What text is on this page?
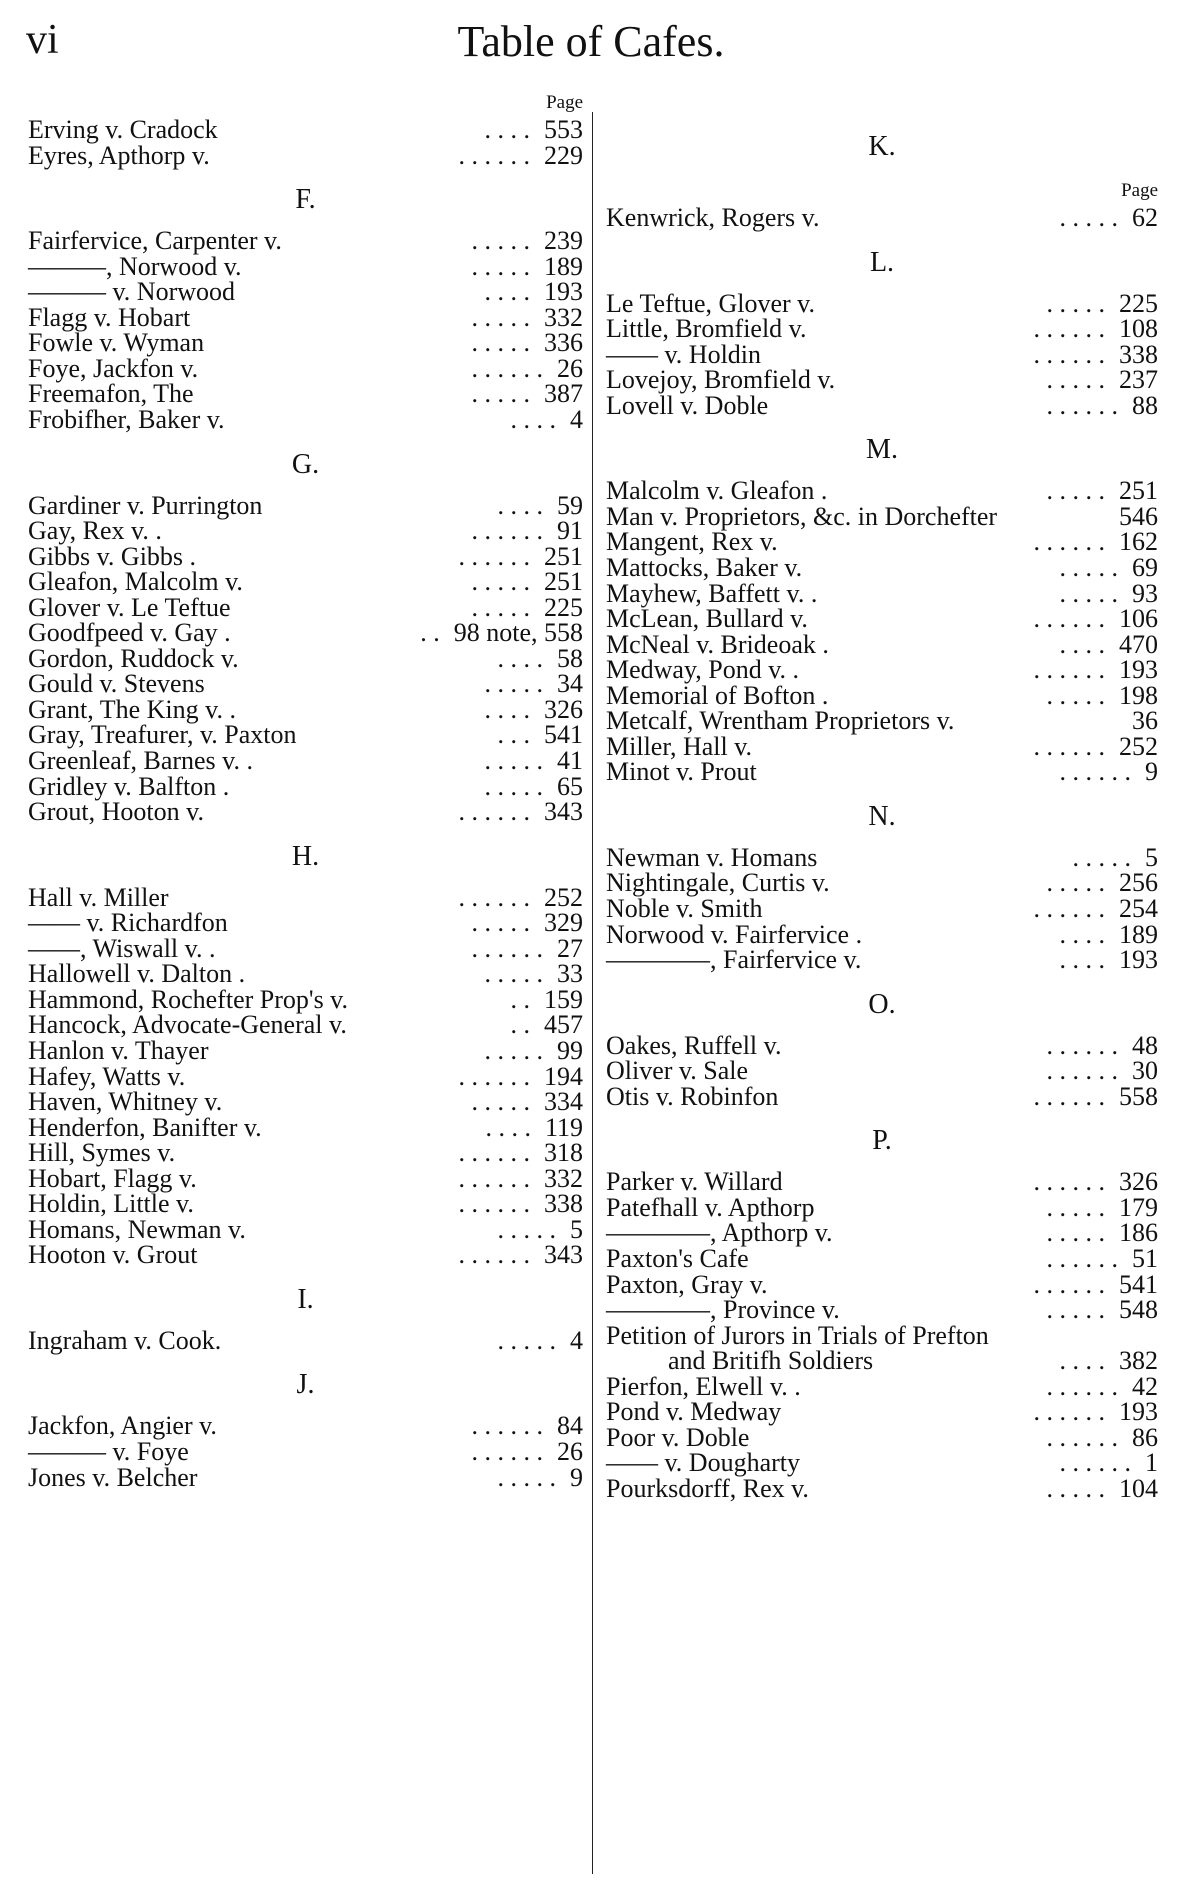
vi	Table of Cafes.
Page
Erving v. Cradock	. . . . 553
Eyres, Apthorp v.	. . . . . . 229
F.
Fairfervice, Carpenter v.	. . . . . 239
———, Norwood v.	. . . . . 189
——— v. Norwood	. . . . 193
Flagg v. Hobart	. . . . . 332
Fowle v. Wyman	. . . . . 336
Foye, Jackfon v.	. . . . . . 26
Freemafon, The	. . . . . 387
Frobifher, Baker v.	. . . . 4
G.
Gardiner v. Purrington	. . . . 59
Gay, Rex v. .	. . . . . . 91
Gibbs v. Gibbs .	. . . . . . 251
Gleafon, Malcolm v.	. . . . . 251
Glover v. Le Teftue	. . . . . 225
Goodfpeed v. Gay .	. . 98 note, 558
Gordon, Ruddock v.	. . . . 58
Gould v. Stevens	. . . . . 34
Grant, The King v. .	. . . . 326
Gray, Treafurer, v. Paxton	. . . 541
Greenleaf, Barnes v. .	. . . . . 41
Gridley v. Balfton .	. . . . . 65
Grout, Hooton v.	. . . . . . 343
H.
Hall v. Miller	. . . . . . 252
—— v. Richardfon	. . . . . 329
——, Wiswall v. .	. . . . . . 27
Hallowell v. Dalton .	. . . . . 33
Hammond, Rochefter Prop's v.	. . 159
Hancock, Advocate-General v.	. . 457
Hanlon v. Thayer	. . . . . 99
Hafey, Watts v.	. . . . . . 194
Haven, Whitney v.	. . . . . 334
Henderfon, Banifter v.	. . . . 119
Hill, Symes v.	. . . . . . 318
Hobart, Flagg v.	. . . . . . 332
Holdin, Little v.	. . . . . . 338
Homans, Newman v.	. . . . . 5
Hooton v. Grout	. . . . . . 343
I.
Ingraham v. Cook.	. . . . . 4
J.
Jackfon, Angier v.	. . . . . . 84
——— v. Foye	. . . . . . 26
Jones v. Belcher	. . . . . 9
K.
Page
Kenwrick, Rogers v.	. . . . . 62
L.
Le Teftue, Glover v.	. . . . . 225
Little, Bromfield v.	. . . . . . 108
—— v. Holdin	. . . . . . 338
Lovejoy, Bromfield v.	. . . . . 237
Lovell v. Doble	. . . . . . 88
M.
Malcolm v. Gleafon .	. . . . . 251
Man v. Proprietors, &c. in Dorchefter	546
Mangent, Rex v.	. . . . . . 162
Mattocks, Baker v.	. . . . . 69
Mayhew, Baffett v. .	. . . . . 93
McLean, Bullard v.	. . . . . . 106
McNeal v. Brideoak .	. . . . 470
Medway, Pond v. .	. . . . . . 193
Memorial of Bofton .	. . . . . 198
Metcalf, Wrentham Proprietors v.	36
Miller, Hall v.	. . . . . . 252
Minot v. Prout	. . . . . . 9
N.
Newman v. Homans	. . . . . 5
Nightingale, Curtis v.	. . . . . 256
Noble v. Smith	. . . . . . 254
Norwood v. Fairfervice .	. . . . 189
————, Fairfervice v.	. . . . 193
O.
Oakes, Ruffell v.	. . . . . . 48
Oliver v. Sale	. . . . . . 30
Otis v. Robinfon	. . . . . . 558
P.
Parker v. Willard	. . . . . . 326
Patefhall v. Apthorp	. . . . . 179
————, Apthorp v.	. . . . . 186
Paxton's Cafe	. . . . . . 51
Paxton, Gray v.	. . . . . . 541
————, Province v.	. . . . . 548
Petition of Jurors in Trials of Prefton
and Britifh Soldiers	. . . . 382
Pierfon, Elwell v. .	. . . . . . 42
Pond v. Medway	. . . . . . 193
Poor v. Doble	. . . . . . 86
—— v. Dougharty	. . . . . . 1
Pourksdorff, Rex v.	. . . . . 104
